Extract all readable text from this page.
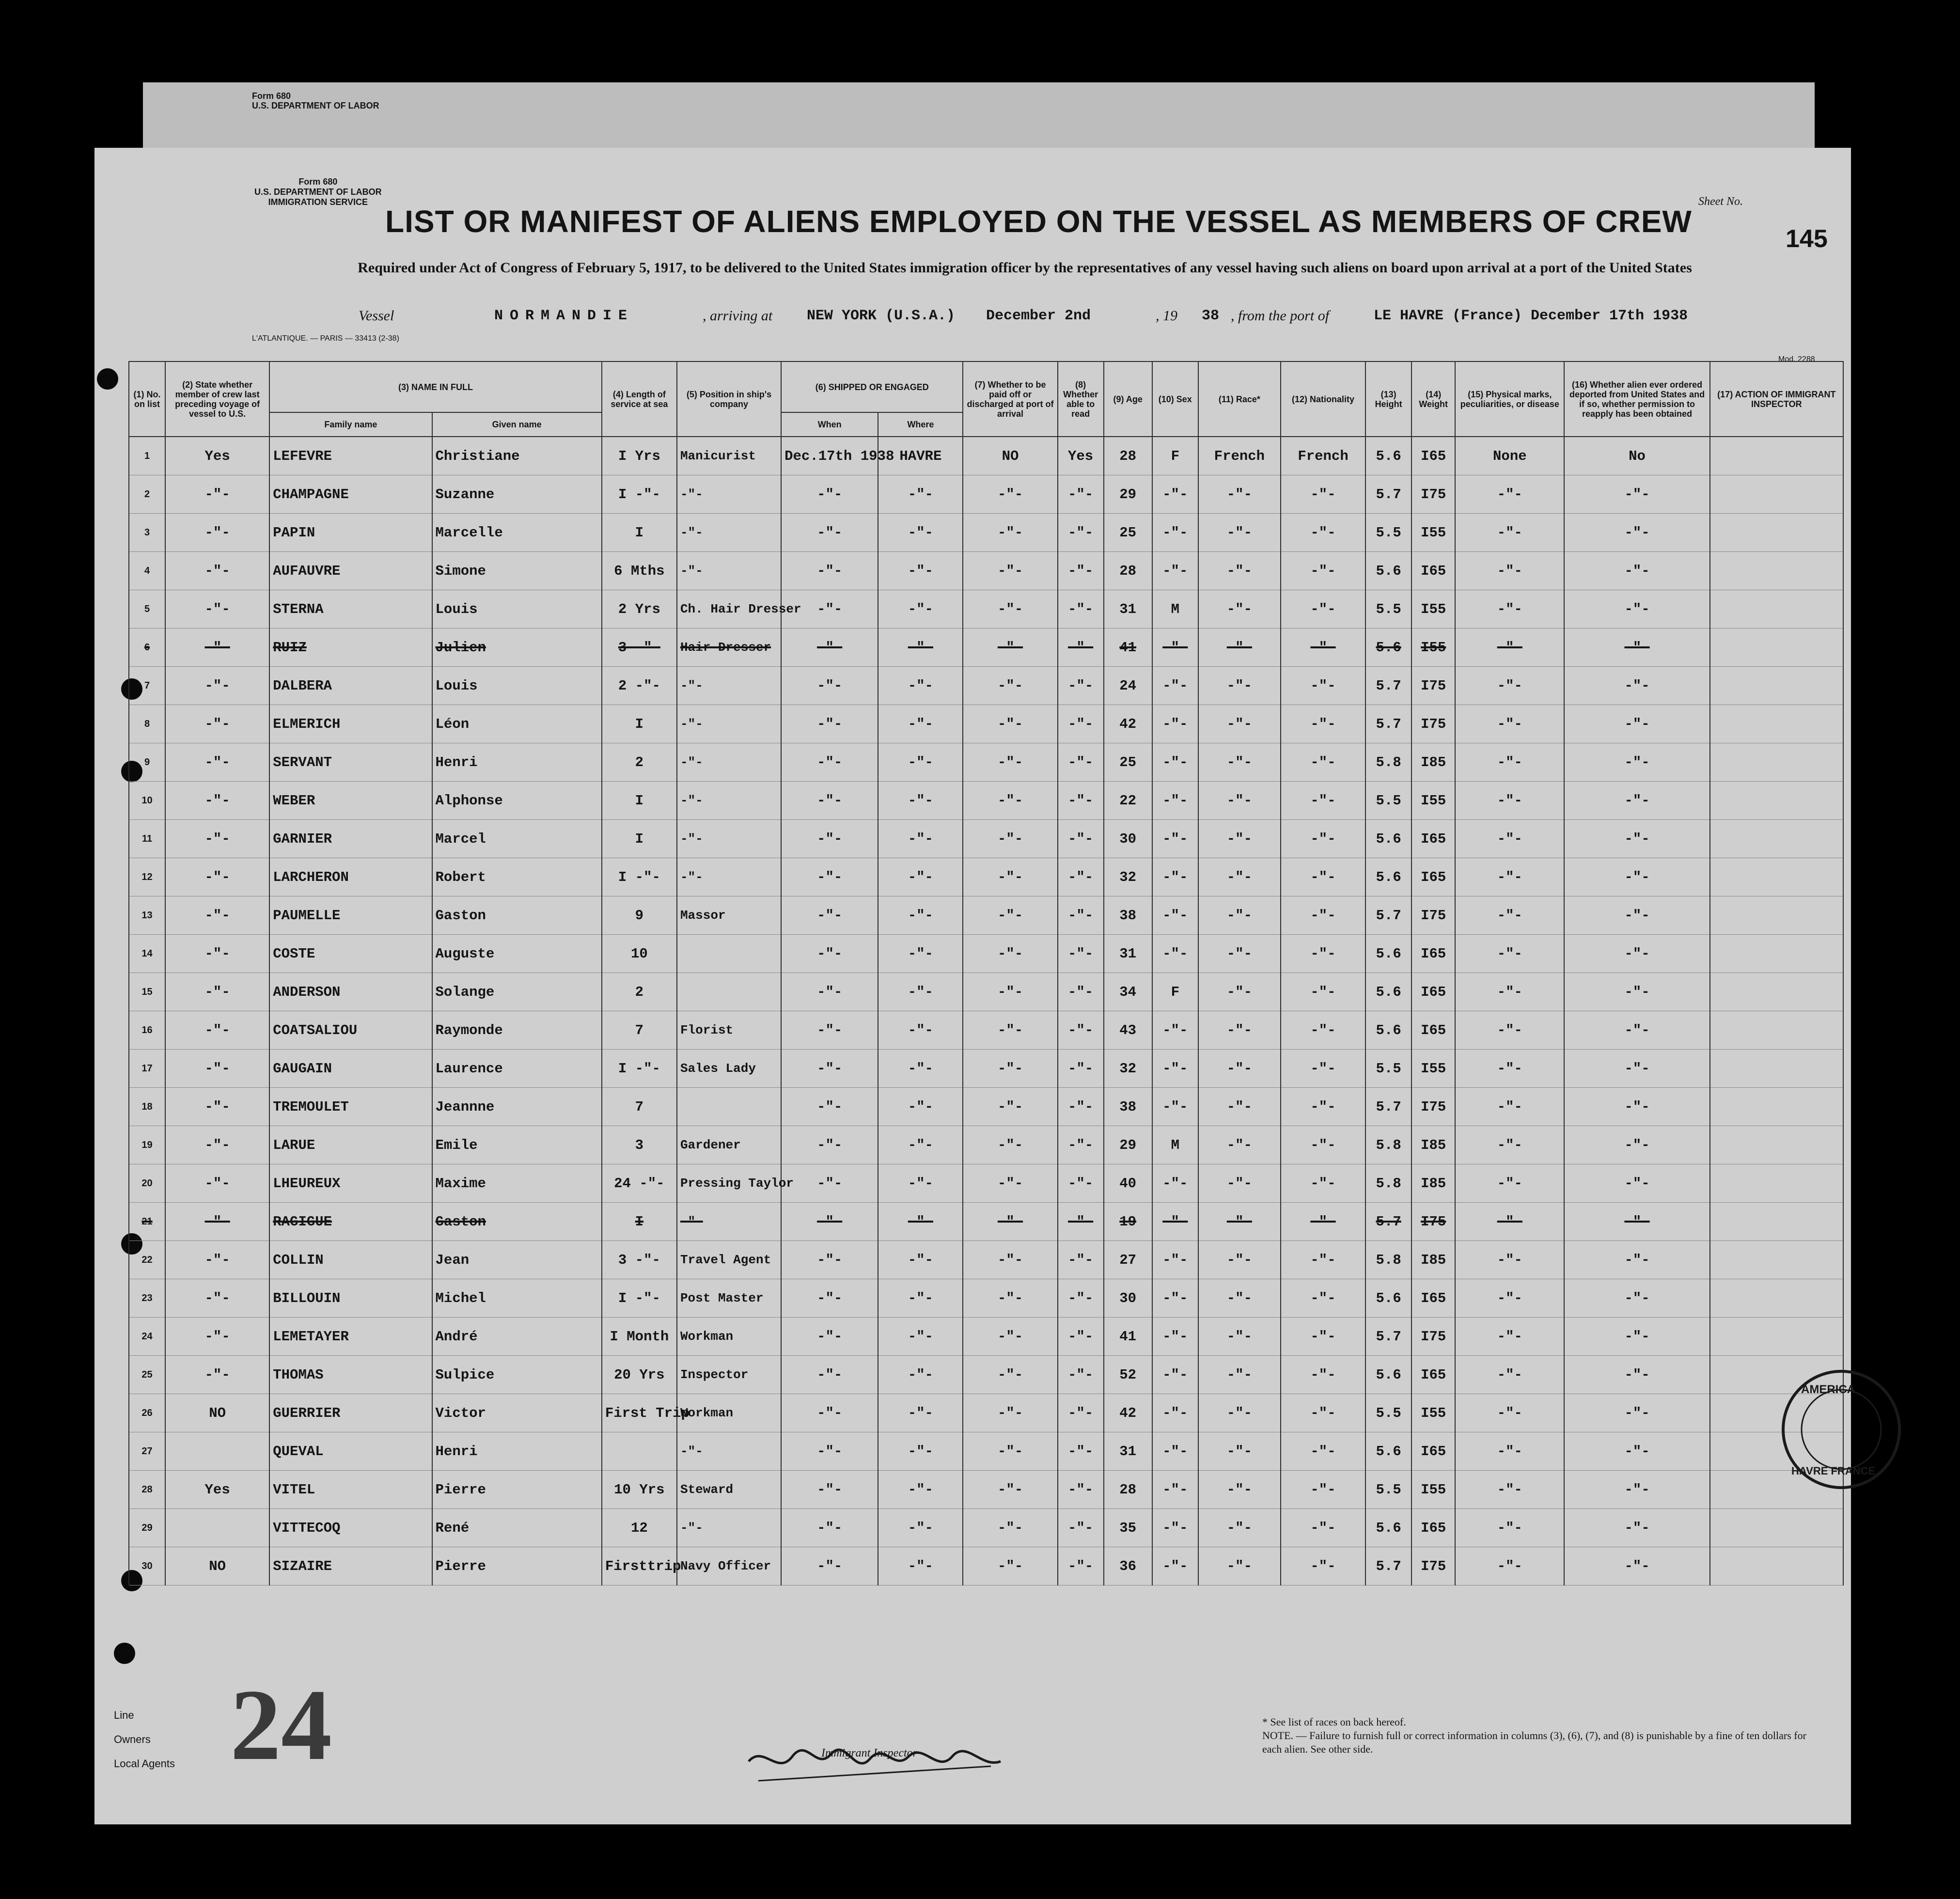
Form 680
U.S. DEPARTMENT OF LABOR
Form 680
U.S. DEPARTMENT OF LABOR
IMMIGRATION SERVICE
LIST OR MANIFEST OF ALIENS EMPLOYED ON THE VESSEL AS MEMBERS OF CREW
Sheet No.
145
Required under Act of Congress of February 5, 1917, to be delivered to the United States immigration officer by the representatives of any vessel having such aliens on board upon arrival at a port of the United States
Vessel	NORMANDIE	, arriving at NEW YORK (U.S.A.) December 2nd	, 19 38 , from the port of	LE HAVRE (France) December 17th 1938
L'ATLANTIQUE. — PARIS — 33413 (2-38)
Mod. 2288
(1) No. on list	(2) State whether member of crew last preceding voyage of vessel to U.S.	(3) NAME IN FULL		(4) Length of service at sea	(5) Position in ship's company	(6) SHIPPED OR ENGAGED		(7) Whether to be paid off or discharged at port of arrival	(8) Whether able to read	(9) Age	(10) Sex	(11) Race*	(12) Nationality	(13) Height	(14) Weight	(15) Physical marks, peculiarities, or disease	(16) Whether alien ever ordered deported from United States and if so, whether permission to reapply has been obtained	(17) ACTION OF IMMIGRANT INSPECTOR
		Family name	Given name			When	Where											
1	Yes	LEFEVRE	Christiane	I Yrs	Manicurist	Dec.17th 1938	HAVRE	NO	Yes	28	F	French	French	5.6	I65	None	No	
2	-"-	CHAMPAGNE	Suzanne	I -"-	-"-	-"-	-"-	-"-	-"-	29	-"-	-"-	-"-	5.7	I75	-"-	-"-	
3	-"-	PAPIN	Marcelle	I	-"-	-"-	-"-	-"-	-"-	25	-"-	-"-	-"-	5.5	I55	-"-	-"-	
4	-"-	AUFAUVRE	Simone	6 Mths	-"-	-"-	-"-	-"-	-"-	28	-"-	-"-	-"-	5.6	I65	-"-	-"-	
5	-"-	STERNA	Louis	2 Yrs	Ch. Hair Dresser	-"-	-"-	-"-	-"-	31	M	-"-	-"-	5.5	I55	-"-	-"-	
6	-"-	RUIZ	Julien	3 -"-	Hair Dresser	-"-	-"-	-"-	-"-	41	-"-	-"-	-"-	5.6	I55	-"-	-"-	
7	-"-	DALBERA	Louis	2 -"-	-"-	-"-	-"-	-"-	-"-	24	-"-	-"-	-"-	5.7	I75	-"-	-"-	
8	-"-	ELMERICH	Léon	I	-"-	-"-	-"-	-"-	-"-	42	-"-	-"-	-"-	5.7	I75	-"-	-"-	
9	-"-	SERVANT	Henri	2	-"-	-"-	-"-	-"-	-"-	25	-"-	-"-	-"-	5.8	I85	-"-	-"-	
10	-"-	WEBER	Alphonse	I	-"-	-"-	-"-	-"-	-"-	22	-"-	-"-	-"-	5.5	I55	-"-	-"-	
11	-"-	GARNIER	Marcel	I	-"-	-"-	-"-	-"-	-"-	30	-"-	-"-	-"-	5.6	I65	-"-	-"-	
12	-"-	LARCHERON	Robert	I -"-	-"-	-"-	-"-	-"-	-"-	32	-"-	-"-	-"-	5.6	I65	-"-	-"-	
13	-"-	PAUMELLE	Gaston	9	Massor	-"-	-"-	-"-	-"-	38	-"-	-"-	-"-	5.7	I75	-"-	-"-	
14	-"-	COSTE	Auguste	10		-"-	-"-	-"-	-"-	31	-"-	-"-	-"-	5.6	I65	-"-	-"-	
15	-"-	ANDERSON	Solange	2		-"-	-"-	-"-	-"-	34	F	-"-	-"-	5.6	I65	-"-	-"-	
16	-"-	COATSALIOU	Raymonde	7	Florist	-"-	-"-	-"-	-"-	43	-"-	-"-	-"-	5.6	I65	-"-	-"-	
17	-"-	GAUGAIN	Laurence	I -"-	Sales Lady	-"-	-"-	-"-	-"-	32	-"-	-"-	-"-	5.5	I55	-"-	-"-	
18	-"-	TREMOULET	Jeannne	7		-"-	-"-	-"-	-"-	38	-"-	-"-	-"-	5.7	I75	-"-	-"-	
19	-"-	LARUE	Emile	3	Gardener	-"-	-"-	-"-	-"-	29	M	-"-	-"-	5.8	I85	-"-	-"-	
20	-"-	LHEUREUX	Maxime	24 -"-	Pressing Taylor	-"-	-"-	-"-	-"-	40	-"-	-"-	-"-	5.8	I85	-"-	-"-	
21	-"-	RAGIGUE	Gaston	I	-"-	-"-	-"-	-"-	-"-	19	-"-	-"-	-"-	5.7	I75	-"-	-"-	
22	-"-	COLLIN	Jean	3 -"-	Travel Agent	-"-	-"-	-"-	-"-	27	-"-	-"-	-"-	5.8	I85	-"-	-"-	
23	-"-	BILLOUIN	Michel	I -"-	Post Master	-"-	-"-	-"-	-"-	30	-"-	-"-	-"-	5.6	I65	-"-	-"-	
24	-"-	LEMETAYER	André	I Month	Workman	-"-	-"-	-"-	-"-	41	-"-	-"-	-"-	5.7	I75	-"-	-"-	
25	-"-	THOMAS	Sulpice	20 Yrs	Inspector	-"-	-"-	-"-	-"-	52	-"-	-"-	-"-	5.6	I65	-"-	-"-	
26	NO	GUERRIER	Victor	First Trip	Workman	-"-	-"-	-"-	-"-	42	-"-	-"-	-"-	5.5	I55	-"-	-"-	
27		QUEVAL	Henri		-"-	-"-	-"-	-"-	-"-	31	-"-	-"-	-"-	5.6	I65	-"-	-"-	
28	Yes	VITEL	Pierre	10 Yrs	Steward	-"-	-"-	-"-	-"-	28	-"-	-"-	-"-	5.5	I55	-"-	-"-	
29		VITTECOQ	René	12	-"-	-"-	-"-	-"-	-"-	35	-"-	-"-	-"-	5.6	I65	-"-	-"-	
30	NO	SIZAIRE	Pierre	Firsttrip	Navy Officer	-"-	-"-	-"-	-"-	36	-"-	-"-	-"-	5.7	I75	-"-	-"-	
Line
Owners
Local Agents 24	Immigrant Inspector
* See list of races on back hereof.
NOTE. — Failure to furnish full or correct information in columns (3), (6), (7), and (8) is punishable by a fine of ten dollars for each alien. See other side.
AMERICA
HAVRE FRANCE
